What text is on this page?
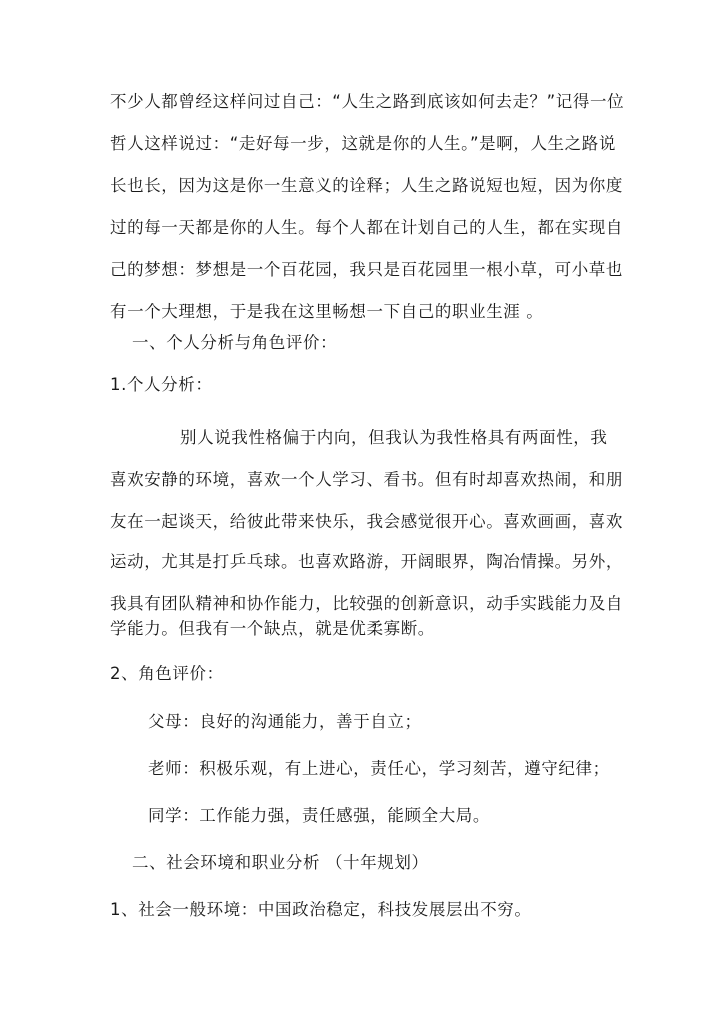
不少人都曾经这样问过自己：“人生之路到底该如何去走？”记得一位
哲人这样说过：“走好每一步，这就是你的人生。”是啊，人生之路说
长也长，因为这是你一生意义的诠释；人生之路说短也短，因为你度
过的每一天都是你的人生。每个人都在计划自己的人生，都在实现自
己的梦想：梦想是一个百花园，我只是百花园里一根小草，可小草也
有一个大理想，于是我在这里畅想一下自己的职业生涯 。
一、个人分析与角色评价：
1.个人分析：
别人说我性格偏于内向，但我认为我性格具有两面性，我
喜欢安静的环境，喜欢一个人学习、看书。但有时却喜欢热闹，和朋
友在一起谈天，给彼此带来快乐，我会感觉很开心。喜欢画画，喜欢
运动，尤其是打乒乓球。也喜欢路游，开阔眼界，陶冶情操。另外，
我具有团队精神和协作能力，比较强的创新意识，动手实践能力及自
学能力。但我有一个缺点，就是优柔寡断。
2、角色评价：
父母：良好的沟通能力，善于自立；
老师：积极乐观，有上进心，责任心，学习刻苦，遵守纪律；
同学：工作能力强，责任感强，能顾全大局。
二、社会环境和职业分析 （十年规划）
1、社会一般环境：中国政治稳定，科技发展层出不穷。
